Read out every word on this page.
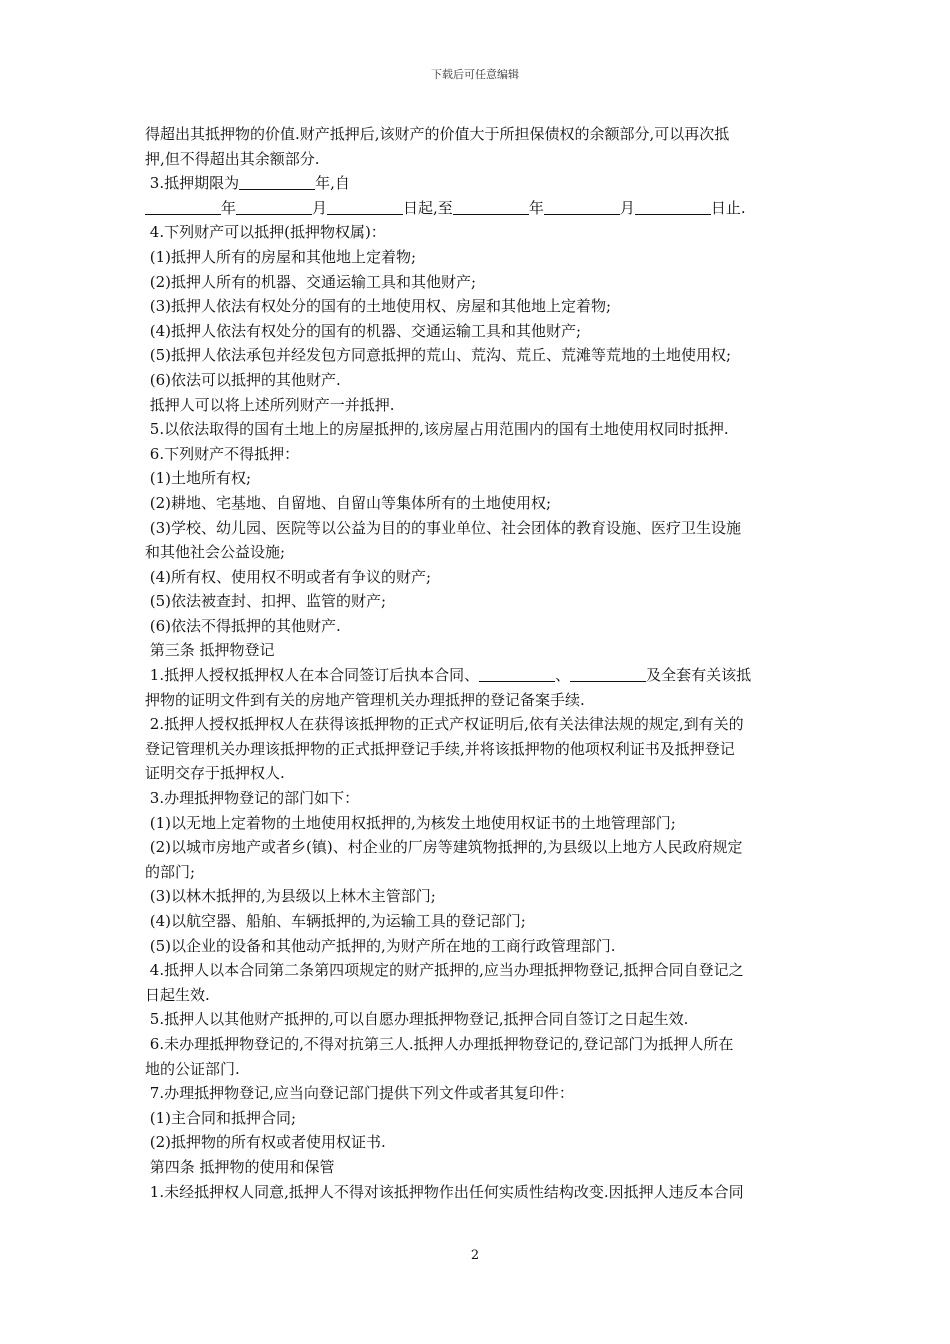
下载后可任意编辑

得超出其抵押物的价值.财产抵押后,该财产的价值大于所担保债权的余额部分,可以再次抵

押,但不得超出其余额部分.

3.抵押期限为	年,自

年	月	日起,至	年	月	日止.

4.下列财产可以抵押(抵押物权属)：

(1)抵押人所有的房屋和其他地上定着物;

(2)抵押人所有的机器、交通运输工具和其他财产;

(3)抵押人依法有权处分的国有的土地使用权、房屋和其他地上定着物;

(4)抵押人依法有权处分的国有的机器、交通运输工具和其他财产;

(5)抵押人依法承包并经发包方同意抵押的荒山、荒沟、荒丘、荒滩等荒地的土地使用权;

(6)依法可以抵押的其他财产.

抵押人可以将上述所列财产一并抵押.

5.以依法取得的国有土地上的房屋抵押的,该房屋占用范围内的国有土地使用权同时抵押.

6.下列财产不得抵押：

(1)土地所有权;

(2)耕地、宅基地、自留地、自留山等集体所有的土地使用权;

(3)学校、幼儿园、医院等以公益为目的的事业单位、社会团体的教育设施、医疗卫生设施

和其他社会公益设施;

(4)所有权、使用权不明或者有争议的财产;

(5)依法被查封、扣押、监管的财产;

(6)依法不得抵押的其他财产.

第三条 抵押物登记

1.抵押人授权抵押权人在本合同签订后执本合同、	、	及全套有关该抵

押物的证明文件到有关的房地产管理机关办理抵押的登记备案手续.

2.抵押人授权抵押权人在获得该抵押物的正式产权证明后,依有关法律法规的规定,到有关的

登记管理机关办理该抵押物的正式抵押登记手续,并将该抵押物的他项权利证书及抵押登记

证明交存于抵押权人.

3.办理抵押物登记的部门如下：

(1)以无地上定着物的土地使用权抵押的,为核发土地使用权证书的土地管理部门;

(2)以城市房地产或者乡(镇)、村企业的厂房等建筑物抵押的,为县级以上地方人民政府规定

的部门;

(3)以林木抵押的,为县级以上林木主管部门;

(4)以航空器、船舶、车辆抵押的,为运输工具的登记部门;

(5)以企业的设备和其他动产抵押的,为财产所在地的工商行政管理部门.

4.抵押人以本合同第二条第四项规定的财产抵押的,应当办理抵押物登记,抵押合同自登记之

日起生效.

5.抵押人以其他财产抵押的,可以自愿办理抵押物登记,抵押合同自签订之日起生效.

6.未办理抵押物登记的,不得对抗第三人.抵押人办理抵押物登记的,登记部门为抵押人所在

地的公证部门.

7.办理抵押物登记,应当向登记部门提供下列文件或者其复印件：

(1)主合同和抵押合同;

(2)抵押物的所有权或者使用权证书.

第四条 抵押物的使用和保管

1.未经抵押权人同意,抵押人不得对该抵押物作出任何实质性结构改变.因抵押人违反本合同

2
